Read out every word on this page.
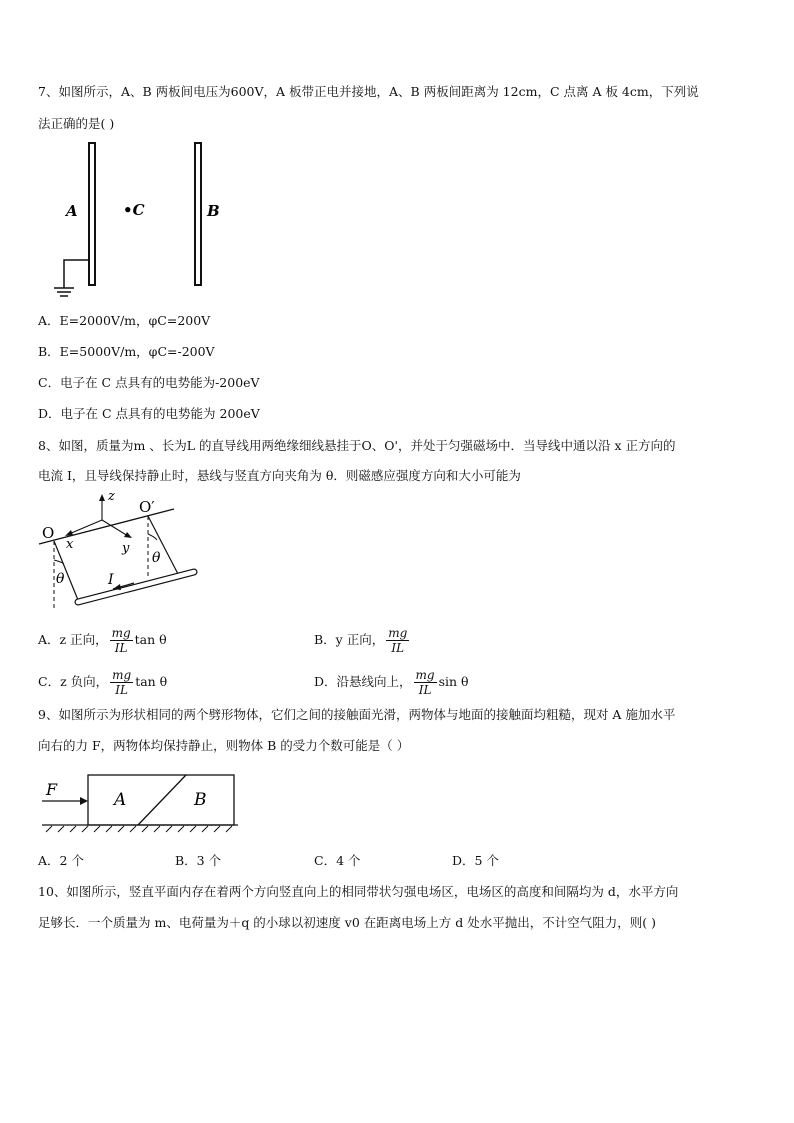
7、如图所示，A、B 两板间电压为600V，A 板带正电并接地，A、B 两板间距离为 12cm，C 点离 A 板 4cm，下列说
法正确的是( )
A	•C	B
A．E=2000V/m，φC=200V
B．E=5000V/m，φC=-200V
C．电子在 C 点具有的电势能为-200eV
D．电子在 C 点具有的电势能为 200eV
8、如图，质量为m 、长为L 的直导线用两绝缘细线悬挂于O、O'，并处于匀强磁场中．当导线中通以沿 x 正方向的
电流 I，且导线保持静止时，悬线与竖直方向夹角为 θ．则磁感应强度方向和大小可能为
O
O′
z
x	y
θ
θ
I
A．z 正向， $\frac{mg}{IL}$ tan θ	B．y 正向， $\frac{mg}{IL}$
C．z 负向， $\frac{mg}{IL}$ tan θ	D．沿悬线向上， $\frac{mg}{IL}$ sin θ
9、如图所示为形状相同的两个劈形物体，它们之间的接触面光滑，两物体与地面的接触面均粗糙，现对 A 施加水平
向右的力 F，两物体均保持静止，则物体 B 的受力个数可能是（ ）
F
A	B
A．2 个	B．3 个	C．4 个	D．5 个
10、如图所示，竖直平面内存在着两个方向竖直向上的相同带状匀强电场区，电场区的高度和间隔均为 d，水平方向
足够长．一个质量为 m、电荷量为＋q 的小球以初速度 v0 在距离电场上方 d 处水平抛出，不计空气阻力，则( )
